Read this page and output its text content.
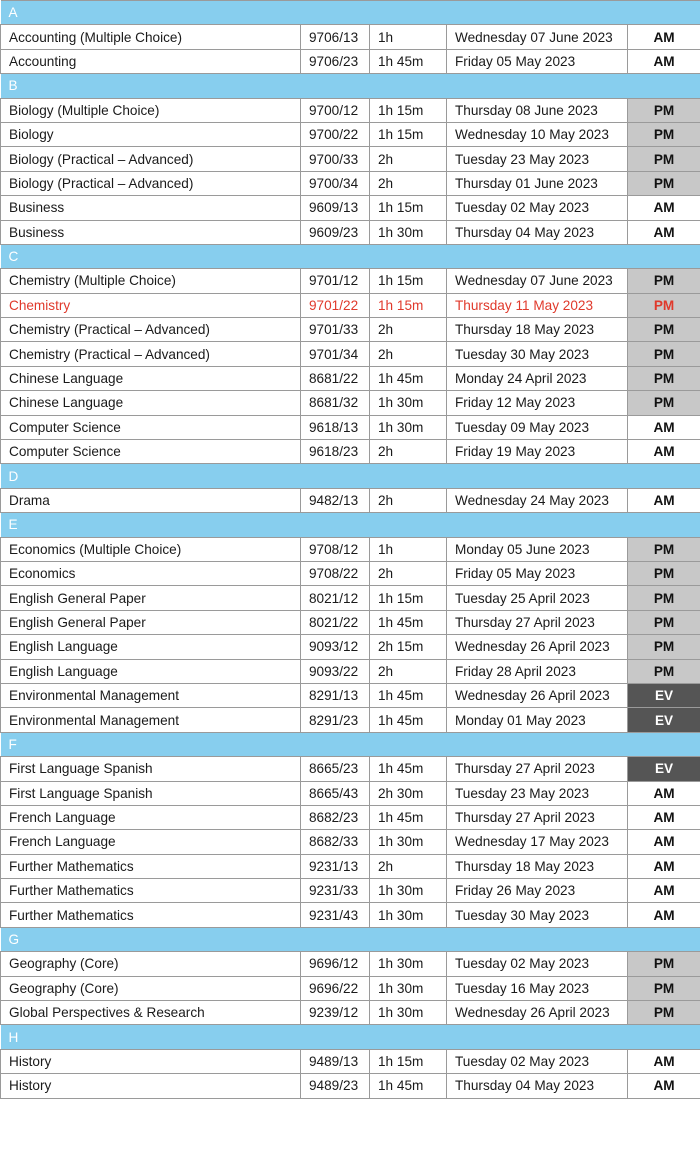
A				
Accounting (Multiple Choice)	9706/13	1h	Wednesday 07 June 2023	AM
Accounting	9706/23	1h 45m	Friday 05 May 2023	AM
B				
Biology (Multiple Choice)	9700/12	1h 15m	Thursday 08 June 2023	PM
Biology	9700/22	1h 15m	Wednesday 10 May 2023	PM
Biology (Practical – Advanced)	9700/33	2h	Tuesday 23 May 2023	PM
Biology (Practical – Advanced)	9700/34	2h	Thursday 01 June 2023	PM
Business	9609/13	1h 15m	Tuesday 02 May 2023	AM
Business	9609/23	1h 30m	Thursday 04 May 2023	AM
C				
Chemistry (Multiple Choice)	9701/12	1h 15m	Wednesday 07 June 2023	PM
Chemistry	9701/22	1h 15m	Thursday 11 May 2023	PM
Chemistry (Practical – Advanced)	9701/33	2h	Thursday 18 May 2023	PM
Chemistry (Practical – Advanced)	9701/34	2h	Tuesday 30 May 2023	PM
Chinese Language	8681/22	1h 45m	Monday 24 April 2023	PM
Chinese Language	8681/32	1h 30m	Friday 12 May 2023	PM
Computer Science	9618/13	1h 30m	Tuesday 09 May 2023	AM
Computer Science	9618/23	2h	Friday 19 May 2023	AM
D				
Drama	9482/13	2h	Wednesday 24 May 2023	AM
E				
Economics (Multiple Choice)	9708/12	1h	Monday 05 June 2023	PM
Economics	9708/22	2h	Friday 05 May 2023	PM
English General Paper	8021/12	1h 15m	Tuesday 25 April 2023	PM
English General Paper	8021/22	1h 45m	Thursday 27 April 2023	PM
English Language	9093/12	2h 15m	Wednesday 26 April 2023	PM
English Language	9093/22	2h	Friday 28 April 2023	PM
Environmental Management	8291/13	1h 45m	Wednesday 26 April 2023	EV
Environmental Management	8291/23	1h 45m	Monday 01 May 2023	EV
F				
First Language Spanish	8665/23	1h 45m	Thursday 27 April 2023	EV
First Language Spanish	8665/43	2h 30m	Tuesday 23 May 2023	AM
French Language	8682/23	1h 45m	Thursday 27 April 2023	AM
French Language	8682/33	1h 30m	Wednesday 17 May 2023	AM
Further Mathematics	9231/13	2h	Thursday 18 May 2023	AM
Further Mathematics	9231/33	1h 30m	Friday 26 May 2023	AM
Further Mathematics	9231/43	1h 30m	Tuesday 30 May 2023	AM
G				
Geography (Core)	9696/12	1h 30m	Tuesday 02 May 2023	PM
Geography (Core)	9696/22	1h 30m	Tuesday 16 May 2023	PM
Global Perspectives & Research	9239/12	1h 30m	Wednesday 26 April 2023	PM
H				
History	9489/13	1h 15m	Tuesday 02 May 2023	AM
History	9489/23	1h 45m	Thursday 04 May 2023	AM
